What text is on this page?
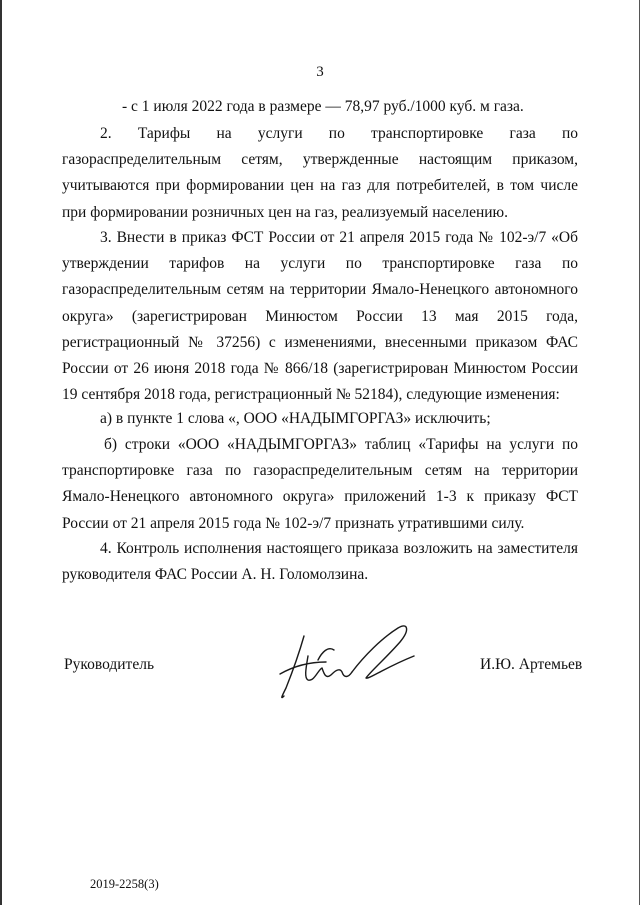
3

- с 1 июля 2022 года в размере — 78,97 руб./1000 куб. м газа.

2. Тарифы на услуги по транспортировке газа по газораспределительным сетям, утвержденные настоящим приказом, учитываются при формировании цен на газ для потребителей, в том числе при формировании розничных цен на газ, реализуемый населению.

3. Внести в приказ ФСТ России от 21 апреля 2015 года № 102-э/7 «Об утверждении тарифов на услуги по транспортировке газа по газораспределительным сетям на территории Ямало-Ненецкого автономного округа» (зарегистрирован Минюстом России 13 мая 2015 года, регистрационный № 37256) с изменениями, внесенными приказом ФАС России от 26 июня 2018 года № 866/18 (зарегистрирован Минюстом России 19 сентября 2018 года, регистрационный № 52184), следующие изменения:

а) в пункте 1 слова «, ООО «НАДЫМГОРГАЗ» исключить;

б) строки «ООО «НАДЫМГОРГАЗ» таблиц «Тарифы на услуги по транспортировке газа по газораспределительным сетям на территории Ямало-Ненецкого автономного округа» приложений 1-3 к приказу ФСТ России от 21 апреля 2015 года № 102-э/7 признать утратившими силу.

4. Контроль исполнения настоящего приказа возложить на заместителя руководителя ФАС России А. Н. Голомолзина.

Руководитель	И.Ю. Артемьев
2019-2258(3)
